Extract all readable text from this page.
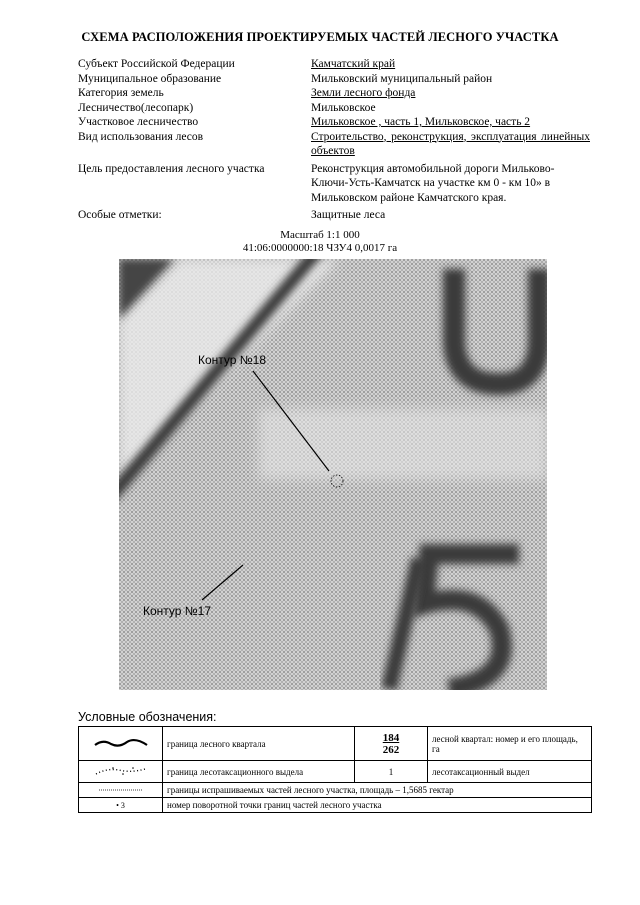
СХЕМА РАСПОЛОЖЕНИЯ ПРОЕКТИРУЕМЫХ ЧАСТЕЙ ЛЕСНОГО УЧАСТКА
Субъект Российской Федерации	Камчатский край
Муниципальное образование	Мильковский муниципальный район
Категория земель	Земли лесного фонда
Лесничество(лесопарк)	Мильковское
Участковое лесничество	Мильковское , часть 1, Мильковское, часть 2
Вид использования лесов	Строительство, реконструкция, эксплуатация линейных объектов
Цель предоставления лесного участка	Реконструкция автомобильной дороги Мильково-Ключи-Усть-Камчатск на участке км 0 - км 10» в Мильковском районе Камчатского края.
Особые отметки:	Защитные леса
Масштаб 1:1 000
41:06:0000000:18 ЧЗУ4 0,0017 га
Контур №18
Контур №17
Условные обозначения:
	граница лесного квартала	$\frac{184}{262}$	лесной квартал: номер и его площадь, га
	граница лесотаксационного выдела	1	лесотаксационный выдел
	границы испрашиваемых частей лесного участка, площадь – 1,5685 гектар		
• 3	номер поворотной точки границ частей лесного участка		
